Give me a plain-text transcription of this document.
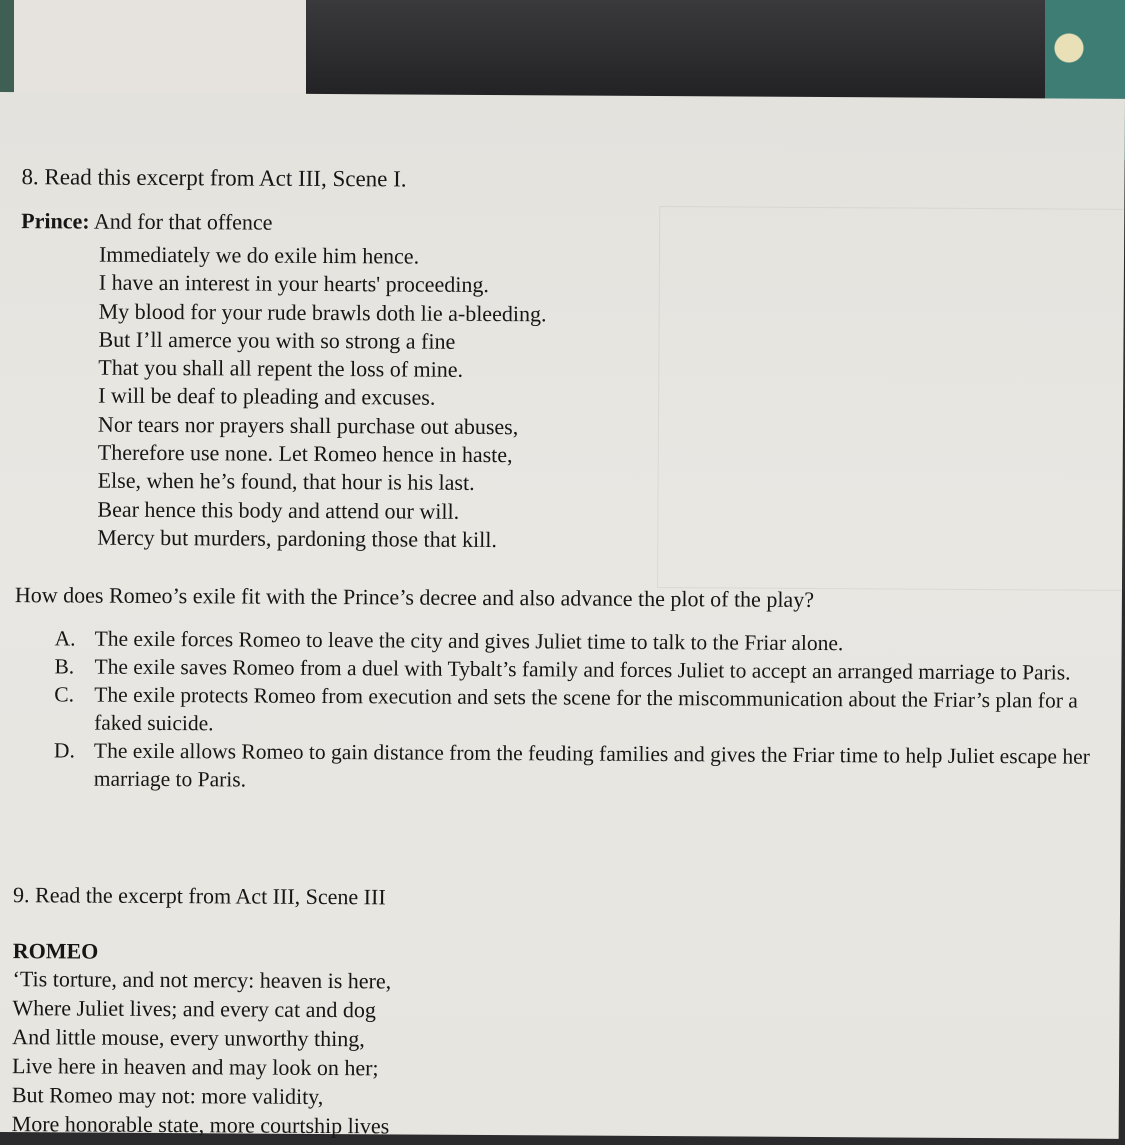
8. Read this excerpt from Act III, Scene I.
Prince: And for that offence
Immediately we do exile him hence.
I have an interest in your hearts' proceeding.
My blood for your rude brawls doth lie a-bleeding.
But I’ll amerce you with so strong a fine
That you shall all repent the loss of mine.
I will be deaf to pleading and excuses.
Nor tears nor prayers shall purchase out abuses,
Therefore use none. Let Romeo hence in haste,
Else, when he’s found, that hour is his last.
Bear hence this body and attend our will.
Mercy but murders, pardoning those that kill.
How does Romeo’s exile fit with the Prince’s decree and also advance the plot of the play?
A. The exile forces Romeo to leave the city and gives Juliet time to talk to the Friar alone.
B. The exile saves Romeo from a duel with Tybalt’s family and forces Juliet to accept an arranged marriage to Paris.
C. The exile protects Romeo from execution and sets the scene for the miscommunication about the Friar’s plan for a faked suicide.
D. The exile allows Romeo to gain distance from the feuding families and gives the Friar time to help Juliet escape her marriage to Paris.
9. Read the excerpt from Act III, Scene III
ROMEO
‘Tis torture, and not mercy: heaven is here,
Where Juliet lives; and every cat and dog
And little mouse, every unworthy thing,
Live here in heaven and may look on her;
But Romeo may not: more validity,
More honorable state, more courtship lives
